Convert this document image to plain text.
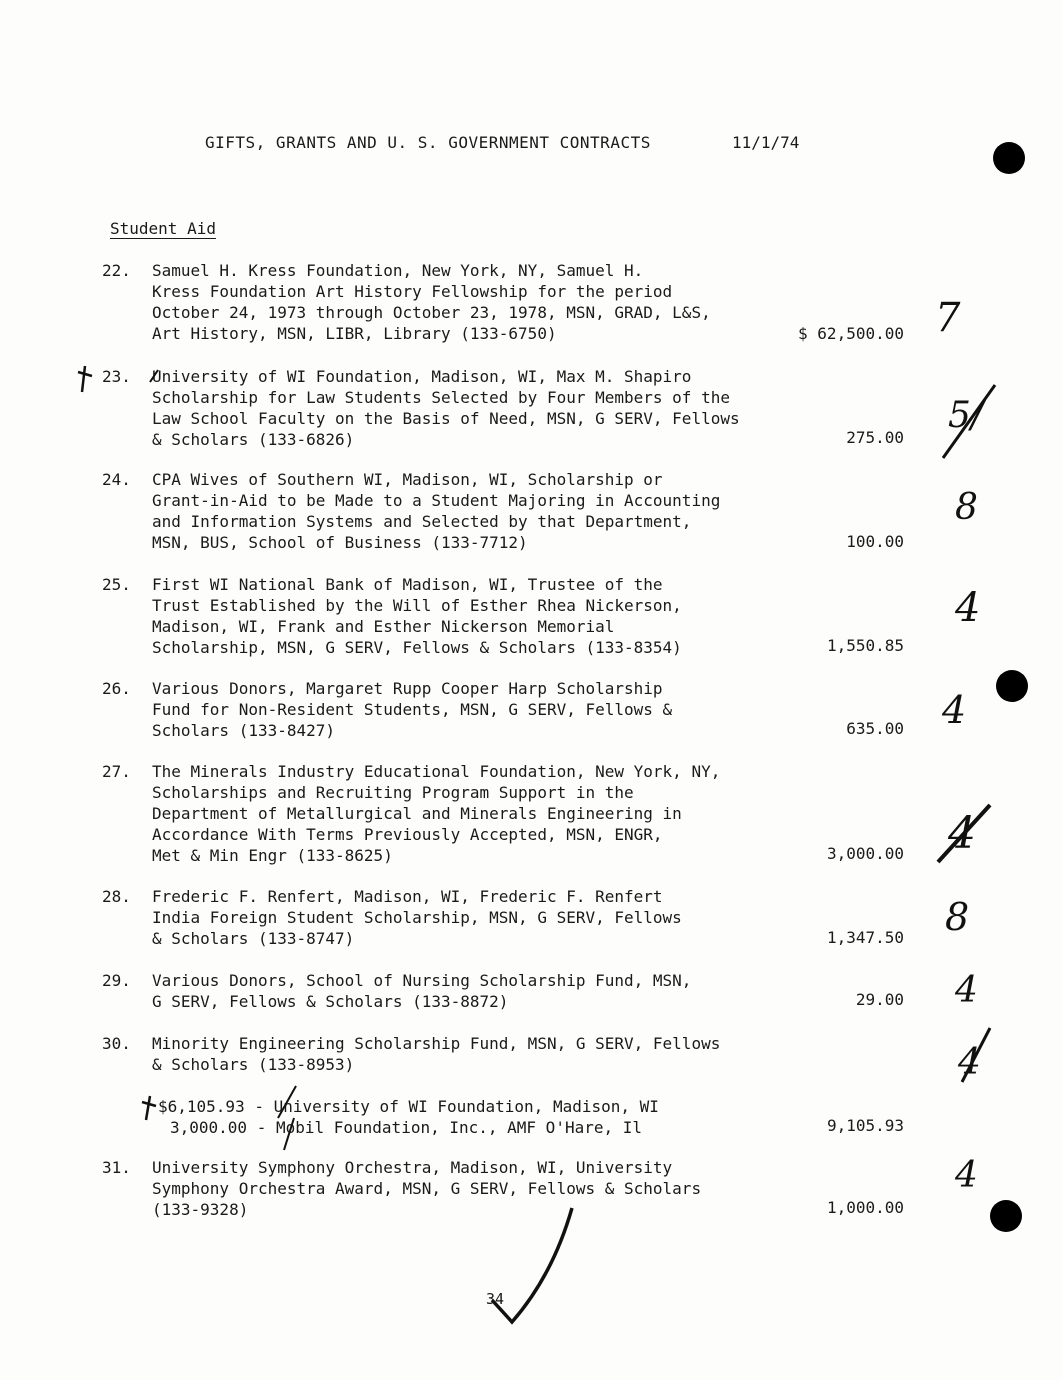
GIFTS, GRANTS AND U. S. GOVERNMENT CONTRACTS	11/1/74
Student Aid
22. Samuel H. Kress Foundation, New York, NY, Samuel H.
Kress Foundation Art History Fellowship for the period
October 24, 1973 through October 23, 1978, MSN, GRAD, L&S,
Art History, MSN, LIBR, Library (133-6750)	$ 62,500.00
23. University of WI Foundation, Madison, WI, Max M. Shapiro
Scholarship for Law Students Selected by Four Members of the
Law School Faculty on the Basis of Need, MSN, G SERV, Fellows
& Scholars (133-6826)	275.00
24. CPA Wives of Southern WI, Madison, WI, Scholarship or
Grant-in-Aid to be Made to a Student Majoring in Accounting
and Information Systems and Selected by that Department,
MSN, BUS, School of Business (133-7712)	100.00
25. First WI National Bank of Madison, WI, Trustee of the
Trust Established by the Will of Esther Rhea Nickerson,
Madison, WI, Frank and Esther Nickerson Memorial
Scholarship, MSN, G SERV, Fellows & Scholars (133-8354)	1,550.85
26. Various Donors, Margaret Rupp Cooper Harp Scholarship
Fund for Non-Resident Students, MSN, G SERV, Fellows &
Scholars (133-8427)	635.00
27. The Minerals Industry Educational Foundation, New York, NY,
Scholarships and Recruiting Program Support in the
Department of Metallurgical and Minerals Engineering in
Accordance With Terms Previously Accepted, MSN, ENGR,
Met & Min Engr (133-8625)	3,000.00
28. Frederic F. Renfert, Madison, WI, Frederic F. Renfert
India Foreign Student Scholarship, MSN, G SERV, Fellows
& Scholars (133-8747)	1,347.50
29. Various Donors, School of Nursing Scholarship Fund, MSN,
G SERV, Fellows & Scholars (133-8872)	29.00
30. Minority Engineering Scholarship Fund, MSN, G SERV, Fellows
& Scholars (133-8953)
$6,105.93 - University of WI Foundation, Madison, WI
3,000.00 - Mobil Foundation, Inc., AMF O'Hare, Il	9,105.93
31. University Symphony Orchestra, Madison, WI, University
Symphony Orchestra Award, MSN, G SERV, Fellows & Scholars
(133-9328)	1,000.00
7
5/
8
4
4
4
8
4
4
4
34
